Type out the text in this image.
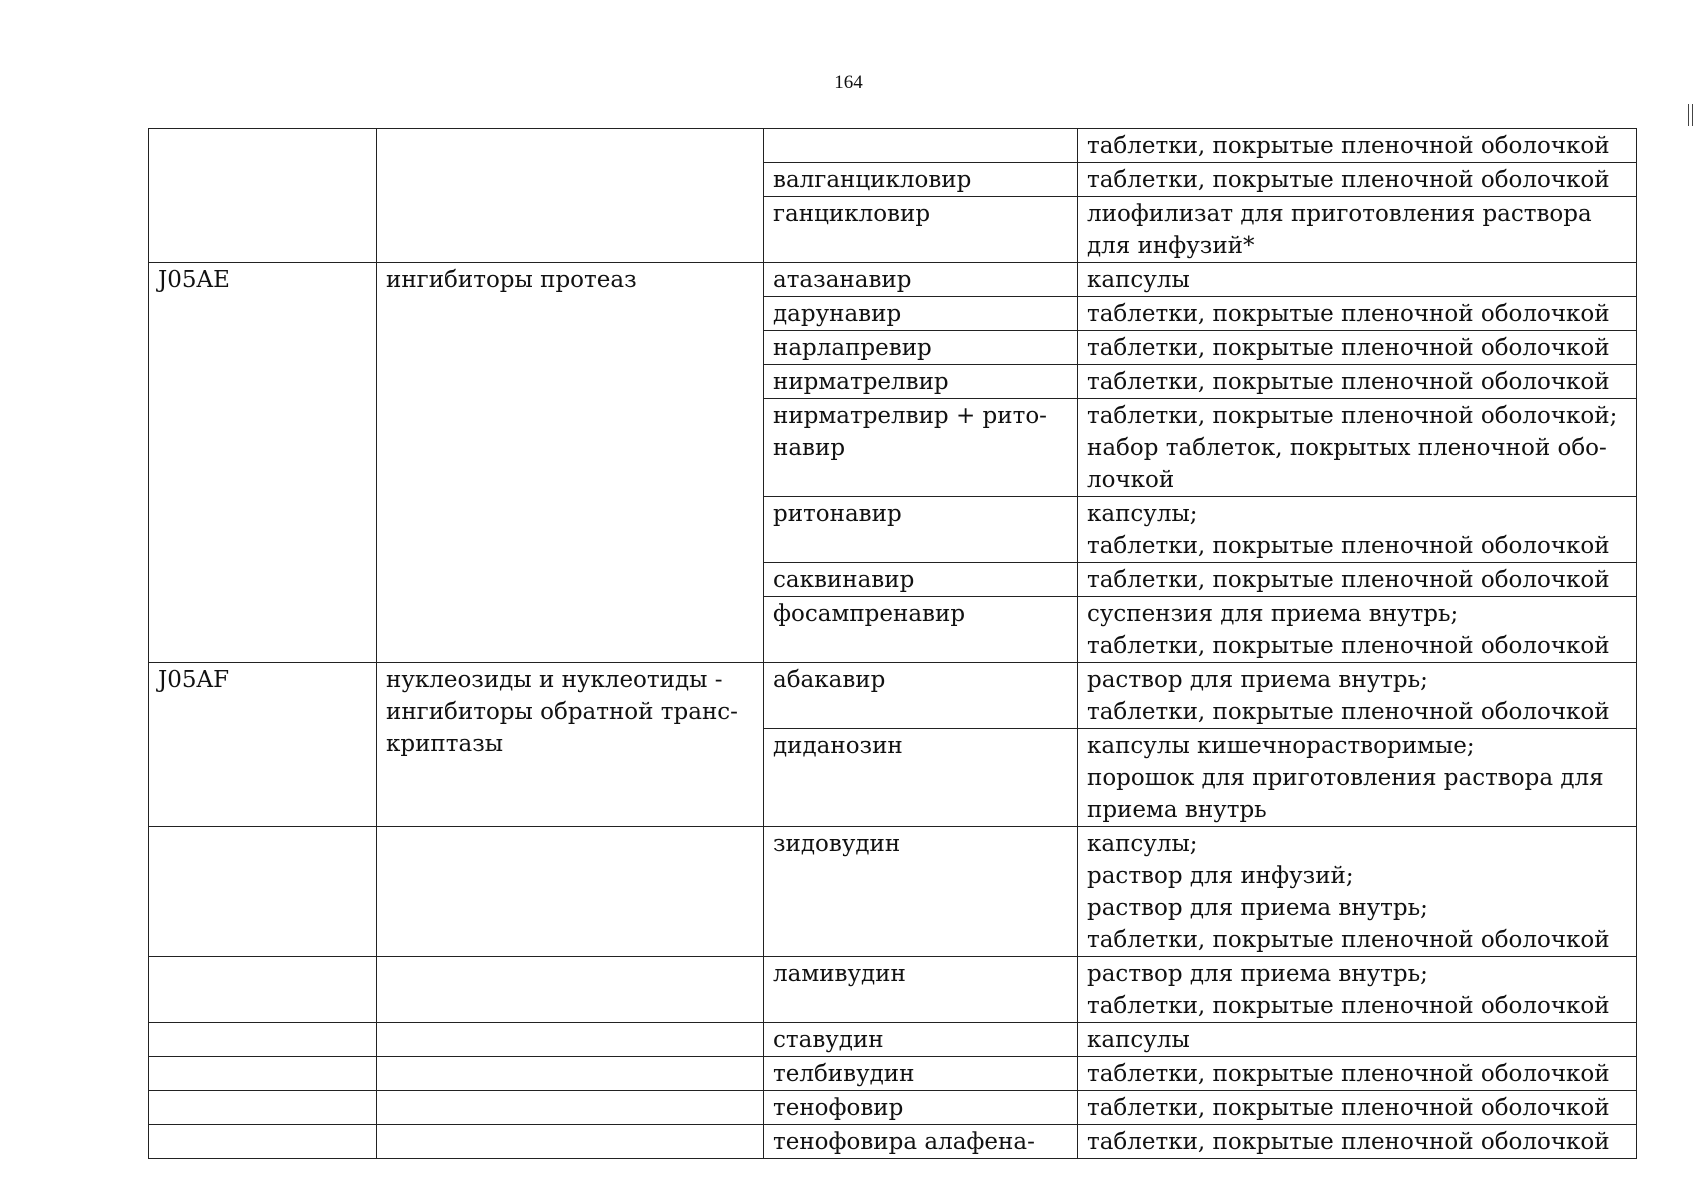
164

			таблетки, покрытые пленочной оболочкой

		валганцикловир	таблетки, покрытые пленочной оболочкой

		ганцикловир	лиофилизат для приготовления раствора
для инфузий*

J05AE	ингибиторы протеаз	атазанавир	капсулы

		дарунавир	таблетки, покрытые пленочной оболочкой

		нарлапревир	таблетки, покрытые пленочной оболочкой

		нирматрелвир	таблетки, покрытые пленочной оболочкой

		нирматрелвир + рито-
навир	таблетки, покрытые пленочной оболочкой;
набор таблеток, покрытых пленочной обо-
лочкой

		ритонавир	капсулы;
таблетки, покрытые пленочной оболочкой

		саквинавир	таблетки, покрытые пленочной оболочкой

		фосампренавир	суспензия для приема внутрь;
таблетки, покрытые пленочной оболочкой

J05AF	нуклеозиды и нуклеотиды -
ингибиторы обратной транс-
криптазы	абакавир	раствор для приема внутрь;
таблетки, покрытые пленочной оболочкой

		диданозин	капсулы кишечнорастворимые;
порошок для приготовления раствора для
приема внутрь

		зидовудин	капсулы;
раствор для инфузий;
раствор для приема внутрь;
таблетки, покрытые пленочной оболочкой

		ламивудин	раствор для приема внутрь;
таблетки, покрытые пленочной оболочкой

		ставудин	капсулы

		телбивудин	таблетки, покрытые пленочной оболочкой

		тенофовир	таблетки, покрытые пленочной оболочкой

		тенофовира алафена-	таблетки, покрытые пленочной оболочкой
